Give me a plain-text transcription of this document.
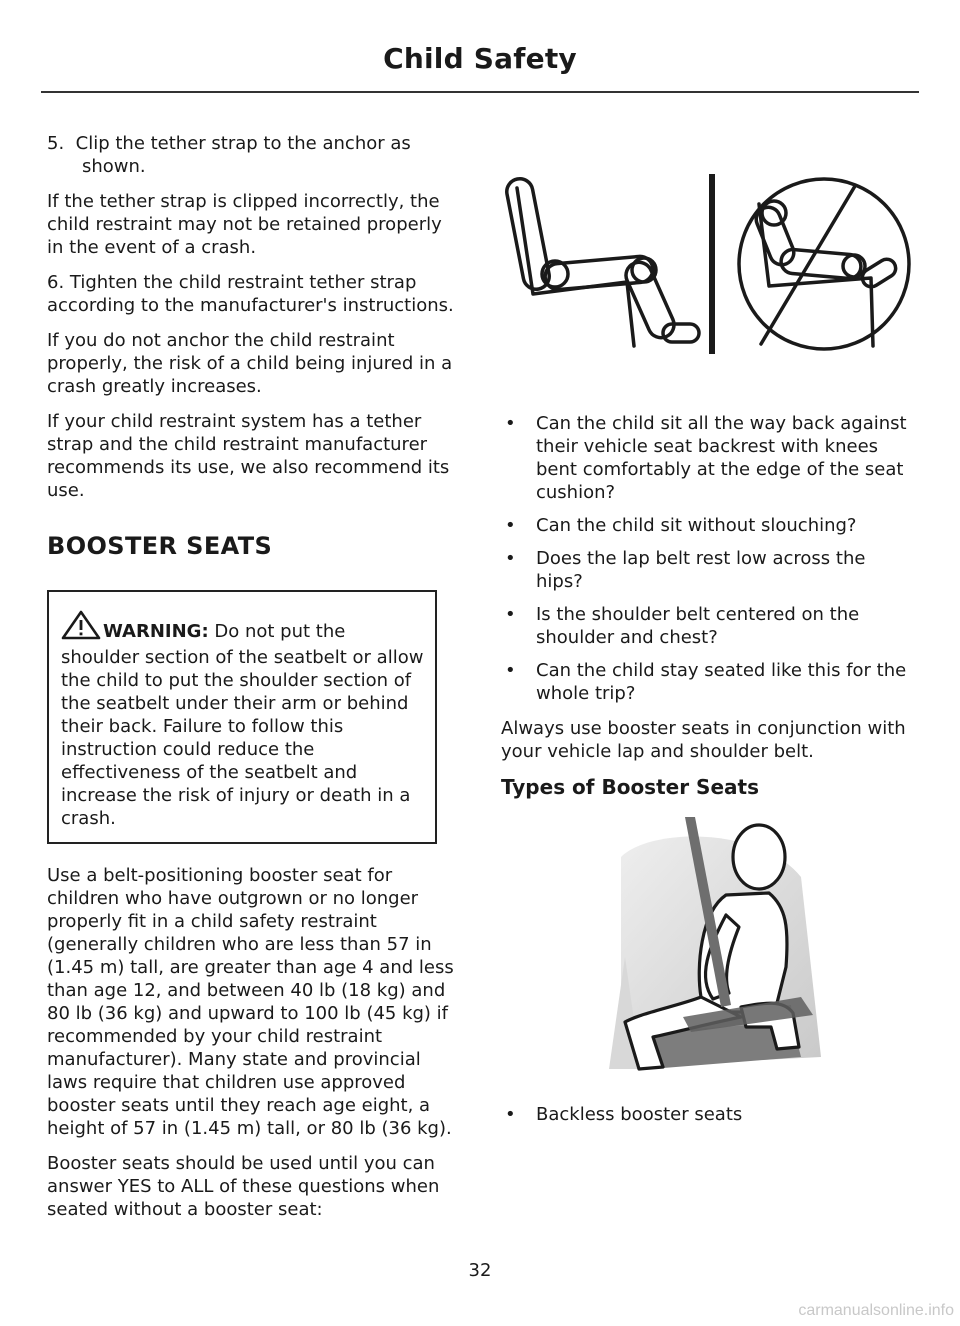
Child Safety

5. Clip the tether strap to the anchor as shown.

If the tether strap is clipped incorrectly, the child restraint may not be retained properly in the event of a crash.

6. Tighten the child restraint tether strap according to the manufacturer's instructions.

If you do not anchor the child restraint properly, the risk of a child being injured in a crash greatly increases.

If your child restraint system has a tether strap and the child restraint manufacturer recommends its use, we also recommend its use.

BOOSTER SEATS

WARNING: Do not put the shoulder section of the seatbelt or allow the child to put the shoulder section of the seatbelt under their arm or behind their back. Failure to follow this instruction could reduce the effectiveness of the seatbelt and increase the risk of injury or death in a crash.

Use a belt-positioning booster seat for children who have outgrown or no longer properly fit in a child safety restraint (generally children who are less than 57 in (1.45 m) tall, are greater than age 4 and less than age 12, and between 40 lb (18 kg) and 80 lb (36 kg) and upward to 100 lb (45 kg) if recommended by your child restraint manufacturer). Many state and provincial laws require that children use approved booster seats until they reach age eight, a height of 57 in (1.45 m) tall, or 80 lb (36 kg).

Booster seats should be used until you can answer YES to ALL of these questions when seated without a booster seat:

• Can the child sit all the way back against their vehicle seat backrest with knees bent comfortably at the edge of the seat cushion?
• Can the child sit without slouching?
• Does the lap belt rest low across the hips?
• Is the shoulder belt centered on the shoulder and chest?
• Can the child stay seated like this for the whole trip?

Always use booster seats in conjunction with your vehicle lap and shoulder belt.

Types of Booster Seats
• Backless booster seats
32
carmanualsonline.info
